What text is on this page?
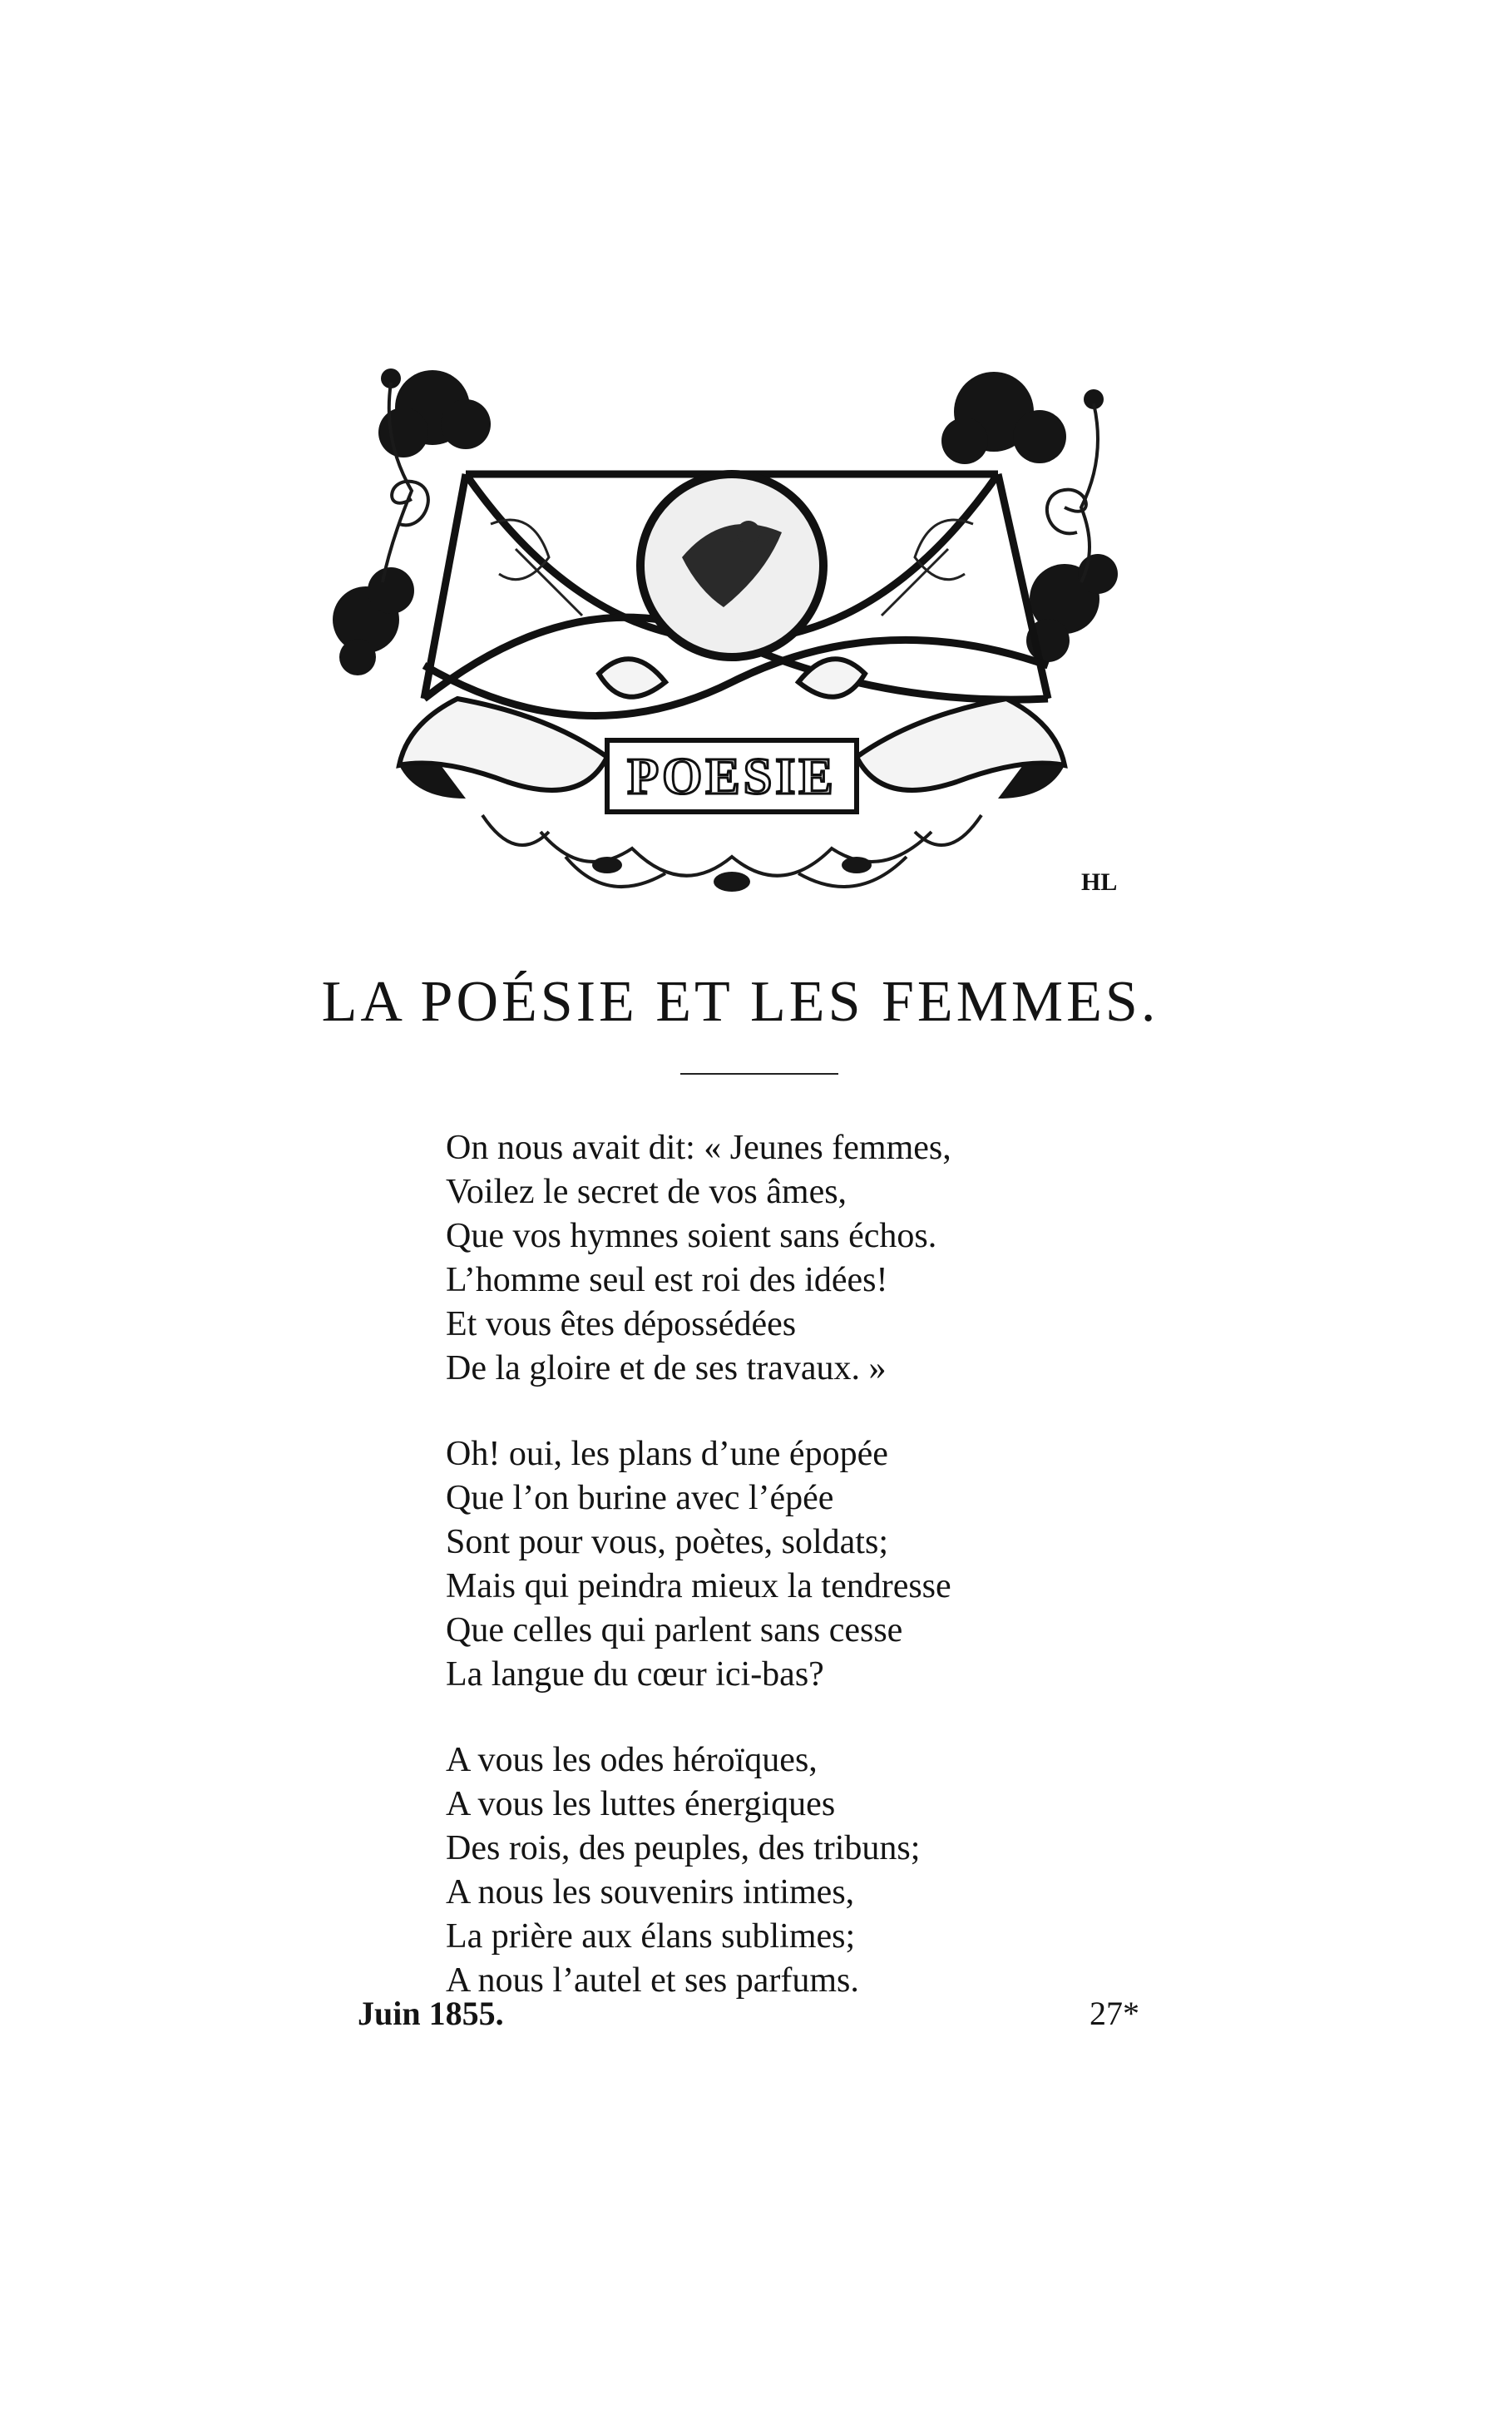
POESIE
HL
LA POÉSIE ET LES FEMMES.
On nous avait dit: « Jeunes femmes,
Voilez le secret de vos âmes,
Que vos hymnes soient sans échos.
L’homme seul est roi des idées!
Et vous êtes dépossédées
De la gloire et de ses travaux. »
Oh! oui, les plans d’une épopée
Que l’on burine avec l’épée
Sont pour vous, poètes, soldats;
Mais qui peindra mieux la tendresse
Que celles qui parlent sans cesse
La langue du cœur ici-bas?
A vous les odes héroïques,
A vous les luttes énergiques
Des rois, des peuples, des tribuns;
A nous les souvenirs intimes,
La prière aux élans sublimes;
A nous l’autel et ses parfums.
Juin 1855.	27*
